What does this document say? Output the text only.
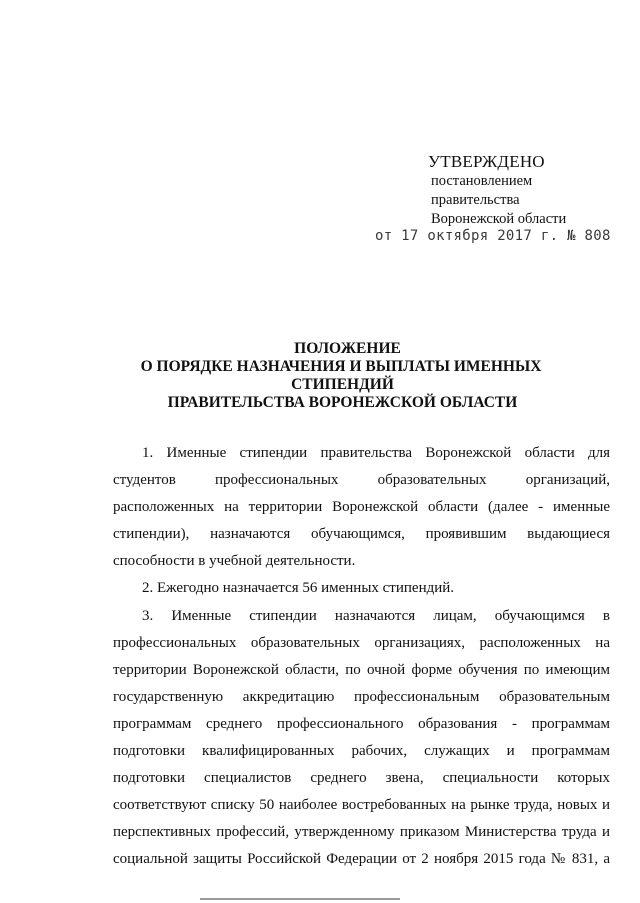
УТВЕРЖДЕНО
постановлением
правительства
Воронежской области
от 17 октября 2017 г. № 808
ПОЛОЖЕНИЕ
О ПОРЯДКЕ НАЗНАЧЕНИЯ И ВЫПЛАТЫ ИМЕННЫХ
СТИПЕНДИЙ
ПРАВИТЕЛЬСТВА ВОРОНЕЖСКОЙ ОБЛАСТИ
1. Именные стипендии правительства Воронежской области для
студентов профессиональных образовательных организаций,
расположенных на территории Воронежской области (далее - именные
стипендии), назначаются обучающимся, проявившим выдающиеся
способности в учебной деятельности.
2. Ежегодно назначается 56 именных стипендий.
3. Именные стипендии назначаются лицам, обучающимся в
профессиональных образовательных организациях, расположенных на
территории Воронежской области, по очной форме обучения по имеющим
государственную аккредитацию профессиональным образовательным
программам среднего профессионального образования - программам
подготовки квалифицированных рабочих, служащих и программам
подготовки специалистов среднего звена, специальности которых
соответствуют списку 50 наиболее востребованных на рынке труда, новых и
перспективных профессий, утвержденному приказом Министерства труда и
социальной защиты Российской Федерации от 2 ноября 2015 года № 831, а
